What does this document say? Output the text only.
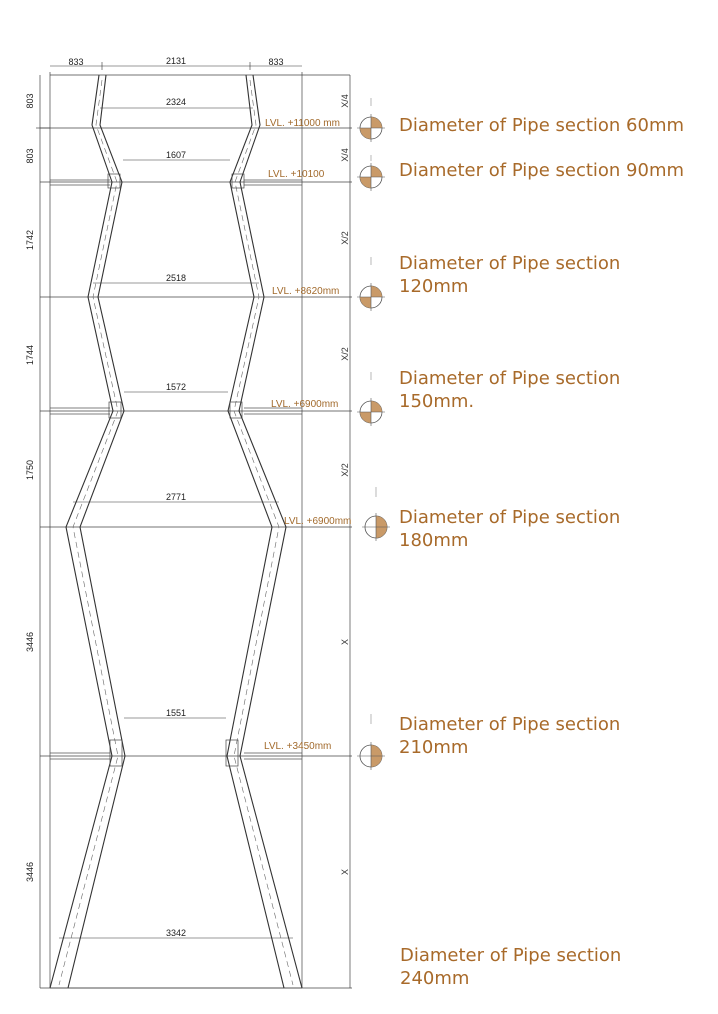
833	2131	833
803
803
1742
1744
1750
3446
3446
2324
1607
2518
1572
2771
1551
3342
LVL. +11000 mm
LVL. +10100
LVL. +8620mm
LVL. +6900mm
LVL. +6900mm
LVL. +3450mm
X/4
X/4
X/2
X/2
X/2
X
X
Diameter of Pipe section 60mm
Diameter of Pipe section 90mm
Diameter of Pipe section
120mm
Diameter of Pipe section
150mm.
Diameter of Pipe section
180mm
Diameter of Pipe section
210mm
Diameter of Pipe section
240mm
